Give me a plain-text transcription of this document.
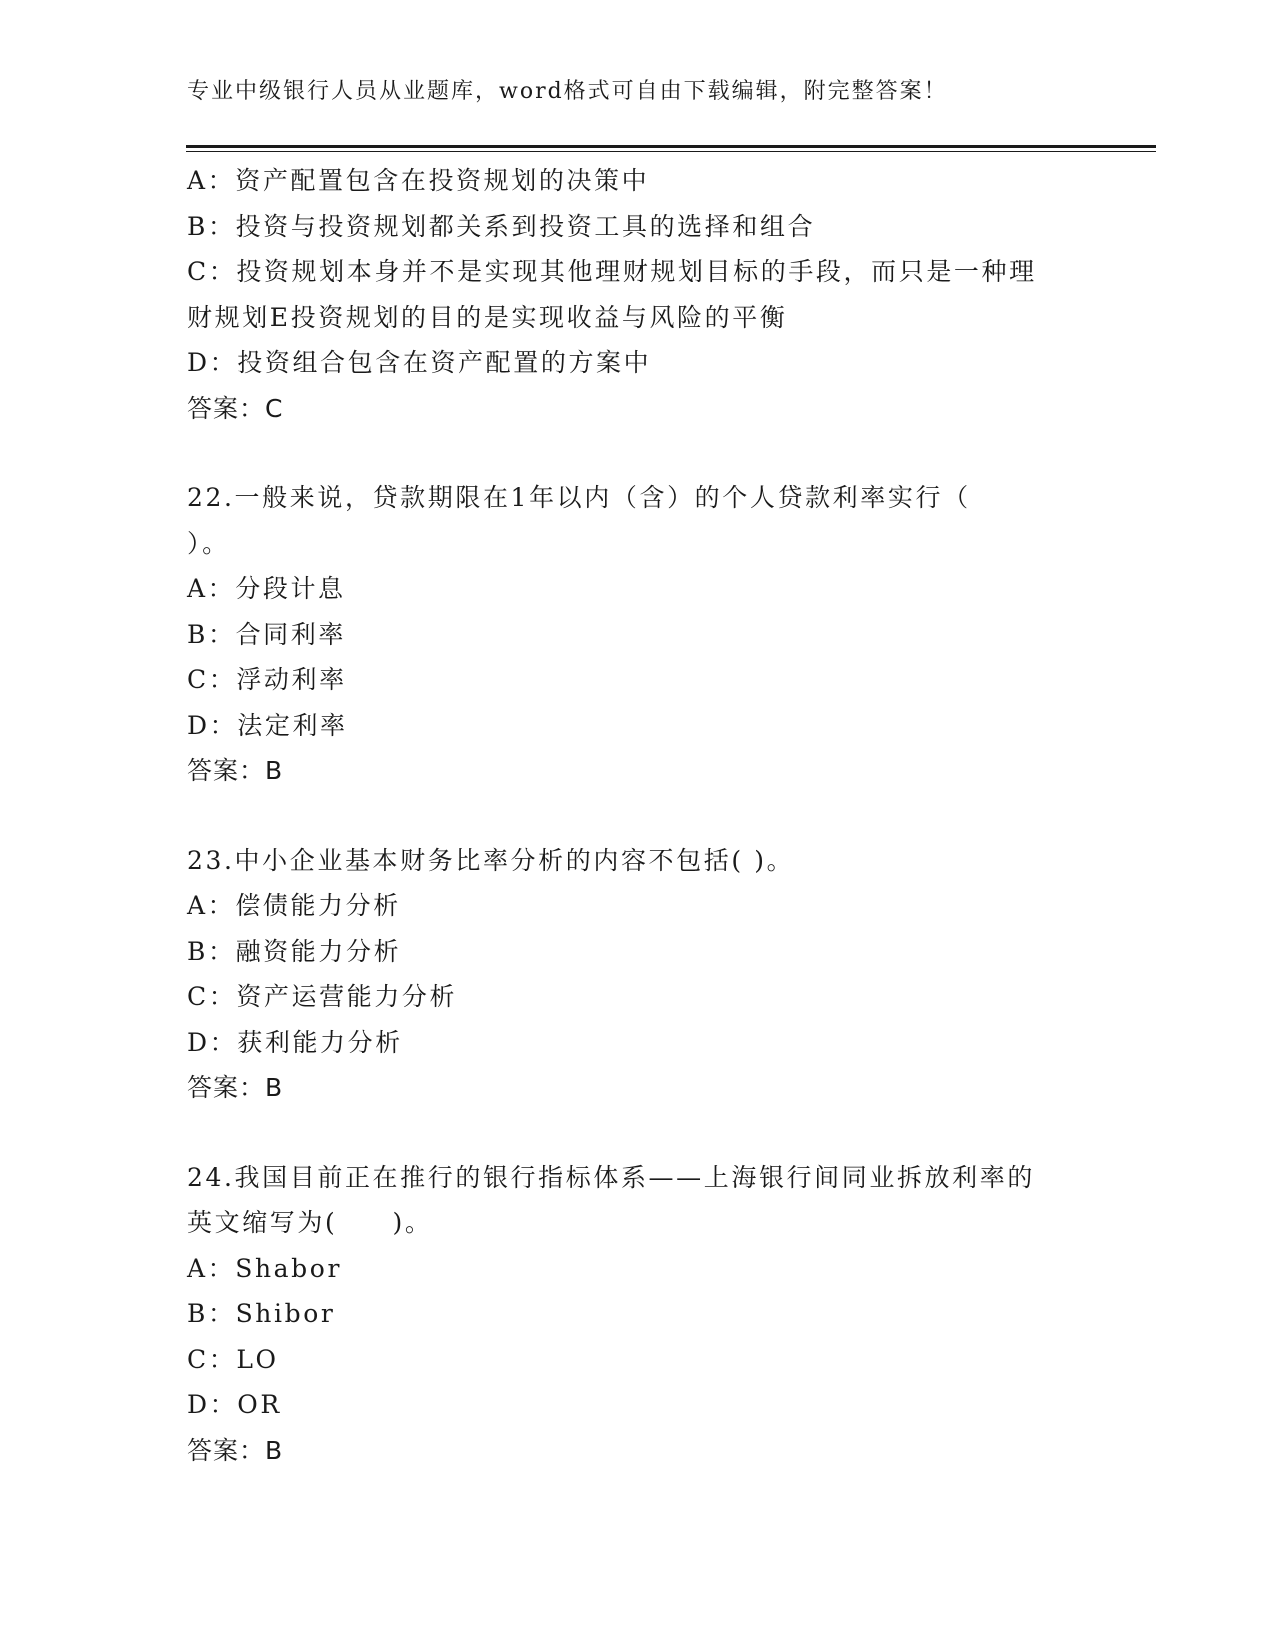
专业中级银行人员从业题库，word格式可自由下载编辑，附完整答案！
A：资产配置包含在投资规划的决策中
B：投资与投资规划都关系到投资工具的选择和组合
C：投资规划本身并不是实现其他理财规划目标的手段，而只是一种理
财规划E投资规划的目的是实现收益与风险的平衡
D：投资组合包含在资产配置的方案中
答案：C
22.一般来说，贷款期限在1年以内（含）的个人贷款利率实行（
）。
A：分段计息
B：合同利率
C：浮动利率
D：法定利率
答案：B
23.中小企业基本财务比率分析的内容不包括( )。
A：偿债能力分析
B：融资能力分析
C：资产运营能力分析
D：获利能力分析
答案：B
24.我国目前正在推行的银行指标体系——上海银行间同业拆放利率的
英文缩写为(　　)。
A：Shabor
B：Shibor
C：LO
D：OR
答案：B
